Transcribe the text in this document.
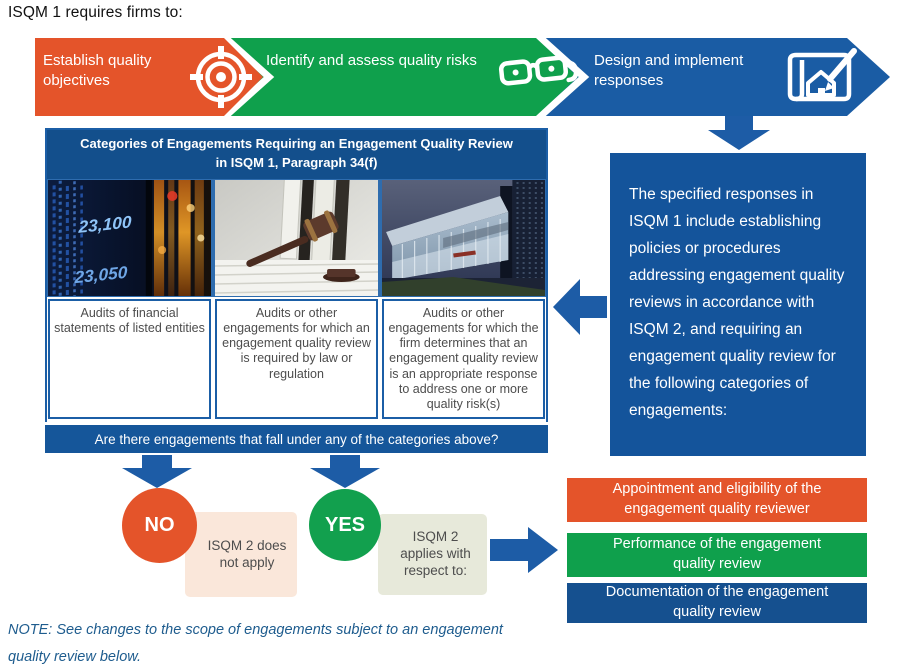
ISQM 1 requires firms to:
Establish quality objectives
Identify and assess quality risks	Design and implement responses
Categories of Engagements Requiring an Engagement Quality Review in ISQM 1, Paragraph 34(f)
23,100
23,050
Audits of financial statements of listed entities
Audits or other engagements for which an engagement quality review is required by law or regulation
Audits or other engagements for which the firm determines that an engagement quality review is an appropriate response to address one or more quality risk(s)
Are there engagements that fall under any of the categories above?
ISQM 2 does not apply
NO
ISQM 2 applies with respect to:
YES
The specified responses in ISQM 1 include establishing policies or procedures addressing engagement quality reviews in accordance with ISQM 2, and requiring an engagement quality review for the following categories of engagements:
Appointment and eligibility of the engagement quality reviewer
Performance of the engagement quality review
Documentation of the engagement quality review
NOTE: See changes to the scope of engagements subject to an engagement quality review below.
